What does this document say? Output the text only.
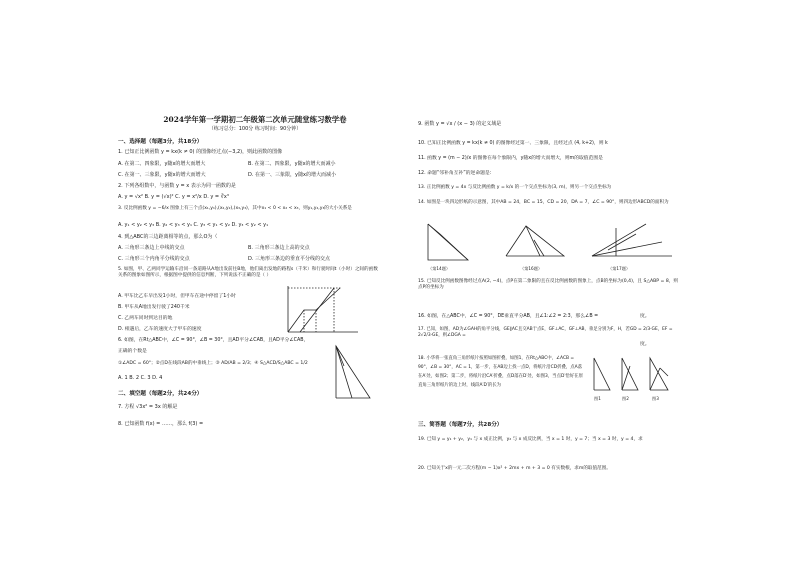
2024学年第一学期初二年级第二次单元随堂练习数学卷
（练习总分：100分 练习时间：90分钟）
一、选择题（每题3分，共18分）
1. 已知正比例函数 y = kx(k ≠ 0) 的图像经过点(−3,2)，则此函数的图像
A. 在第二、四象限，y随x的增大而增大	B. 在第二、四象限，y随x的增大而减小
C. 在第一、三象限，y随x的增大而增大	D. 在第一、三象限，y随x的增大而减小
2. 下列各组数中，与函数 y = x 表示为同一函数的是
A. y = √x² B. y = (√x)² C. y = x²/x D. y = ∛x³
3. 反比例函数 y = −6/x 图象上有三个点(x₁,y₁),(x₂,y₂),(x₃,y₃)，其中x₁ < 0 < x₂ < x₃，则y₁,y₂,y₃的大小关系是
A. y₁ < y₂ < y₃ B. y₂ < y₃ < y₁ C. y₃ < y₁ < y₂ D. y₃ < y₂ < y₁
4. 到△ABC的三边距离相等的点，那么O为（
A. 三角形三条边上中线的交点	B. 三角形三条边上高的交点
C. 三角形三个内角平分线的交点	D. 三角形三条边的垂直平分线的交点
5. 如图，甲、乙两同学运输车沿同一条道路从A地出发前往B地，他们离出发地的路程s（千米）和行驶时间t（小时）之间的函数关系的图象如图所示，根据图中提供的信息判断，下列说法不正确的是（ ）
A. 甲车比乙车早出发1小时，但甲车在途中停留了1小时
B. 甲车从A地出发行驶了240千米
C. 乙两车同时到达目的地
D. 相遇后，乙车的速度大于甲车的速度
6. 如图，在Rt△ABC中，∠C = 90°，∠B = 30°，且AD平分∠CAB，且AD平分∠CAB，
正确的个数是
①∠ADC = 60°；②点D在线段AB的中垂线上；③ AD/AB = 2/3；④ S△ACD/S△ABC = 1/2
A. 1 B. 2 C. 3 D. 4
二、填空题（每题2分，共24分）
7. 方程 √3x² = 3x 的解是
8. 已知函数 f(x) = ……，那么 f(3) =
9. 函数 y = √x / (x − 3) 的定义域是
10. 已知正比例函数 y = kx(k ≠ 0) 的图像经过第一、三象限，且经过点 (4, k+2)，则 k
11. 函数 y = (m − 2)/x 的图像在每个象限内，y随x的增大而增大，则m的取值范围是
12. 命题“邻补角互补”的逆命题是：
13. 正比例函数 y = 4x 与反比例函数 y = k/x 的一个交点坐标为(3, m)，则另一个交点坐标为
14. 如图是一块四边形纸的示意图，其中AB = 24，BC = 15，CD = 20，DA = 7，∠C = 90°，则四边形ABCD的面积为
（第14题）	（第16题）	（第17题）
15. 已知反比例函数图像经过点A(2, −4)，点P在第二象限的且在反比例函数的图象上，点B的坐标为(0,4)，且 S△ABP = 8，则点P的坐标为
16. 如图，在△ABC中，∠C = 90°，DE垂直平分AB，且∠1:∠2 = 2:3，那么∠B =	度。
17. 已知，如图，AD为∠GAH的角平分线，GE∥AC且交AB于点E，GF⊥AC，GF⊥AB，垂足分别为F，H，若GD = 2/3·GE，EF = 2√2/3·GE，则∠DGA =
度。
18. 小华将一张直角三角形纸片按照如图折叠，如图1，在Rt△ABC中，∠ACB = 90°，∠B = 30°，AC = 1，第一步，在AB边上找一点D，将纸片沿CD折叠，点A落在A′处，如图2；第二步，将纸片沿CA′折叠，点D落在D′处，如图3，当点D′恰好在原直角三角形纸片的边上时，线段A′D′的长为
图1	图2	图3
三、简答题（每题7分，共28分）
19. 已知 y = y₁ + y₂，y₁ 与 x 成正比例，y₂ 与 x 成反比例，当 x = 1 时，y = 7；当 x = 3 时，y = 4，求
20. 已知关于x的一元二次方程(m − 1)x² + 2mx + m + 3 = 0 有实数根，求m的取值范围。
